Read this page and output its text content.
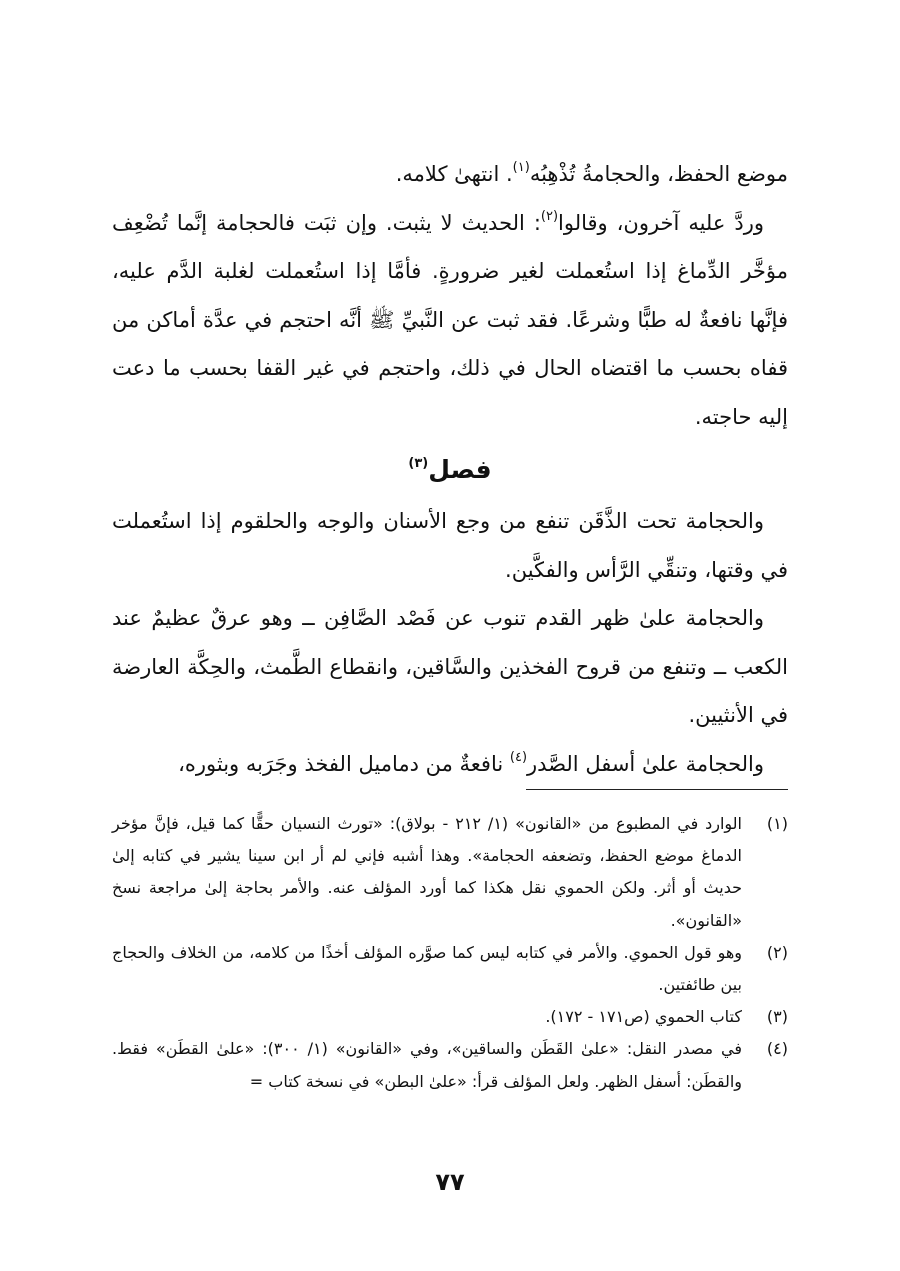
موضع الحفظ، والحجامةُ تُذْهِبُه$^{(١)}$. انتهىٰ كلامه.

وردَّ عليه آخرون، وقالوا$^{(٢)}$: الحديث لا يثبت. وإن ثبَت فالحجامة إنَّما تُضْعِف مؤخَّر الدِّماغ إذا استُعملت لغير ضرورةٍ. فأمَّا إذا استُعملت لغلبة الدَّم عليه، فإنَّها نافعةٌ له طبًّا وشرعًا. فقد ثبت عن النَّبيِّ ﷺ أنَّه احتجم في عدَّة أماكن من قفاه بحسب ما اقتضاه الحال في ذلك، واحتجم في غير القفا بحسب ما دعت إليه حاجته.

فصل$^{(٣)}$

والحجامة تحت الذَّقَن تنفع من وجع الأسنان والوجه والحلقوم إذا استُعملت في وقتها، وتنقِّي الرَّأس والفكَّين.

والحجامة علىٰ ظهر القدم تنوب عن فَصْد الصَّافِن ــ وهو عرقٌ عظيمٌ عند الكعب ــ وتنفع من قروح الفخذين والسَّاقين، وانقطاع الطَّمث، والحِكَّة العارضة في الأنثيين.

والحجامة علىٰ أسفل الصَّدر$^{(٤)}$ نافعةٌ من دماميل الفخذ وجَرَبه وبثوره،

(١)
الوارد في المطبوع من «القانون» (١/ ٢١٢ - بولاق): «تورث النسيان حقًّا كما قيل، فإنَّ مؤخر الدماغ موضع الحفظ، وتضعفه الحجامة». وهذا أشبه فإني لم أر ابن سينا يشير في كتابه إلىٰ حديث أو أثر. ولكن الحموي نقل هكذا كما أورد المؤلف عنه. والأمر بحاجة إلىٰ مراجعة نسخ «القانون».
(٢)
وهو قول الحموي. والأمر في كتابه ليس كما صوَّره المؤلف أخذًا من كلامه، من الخلاف والحجاج بين طائفتين.
(٣)
كتاب الحموي (ص١٧١ - ١٧٢).
(٤)
في مصدر النقل: «علىٰ القَطَن والساقين»، وفي «القانون» (١/ ٣٠٠): «علىٰ القطَن» فقط. والقطَن: أسفل الظهر. ولعل المؤلف قرأ: «علىٰ البطن» في نسخة كتاب =
٧٧
